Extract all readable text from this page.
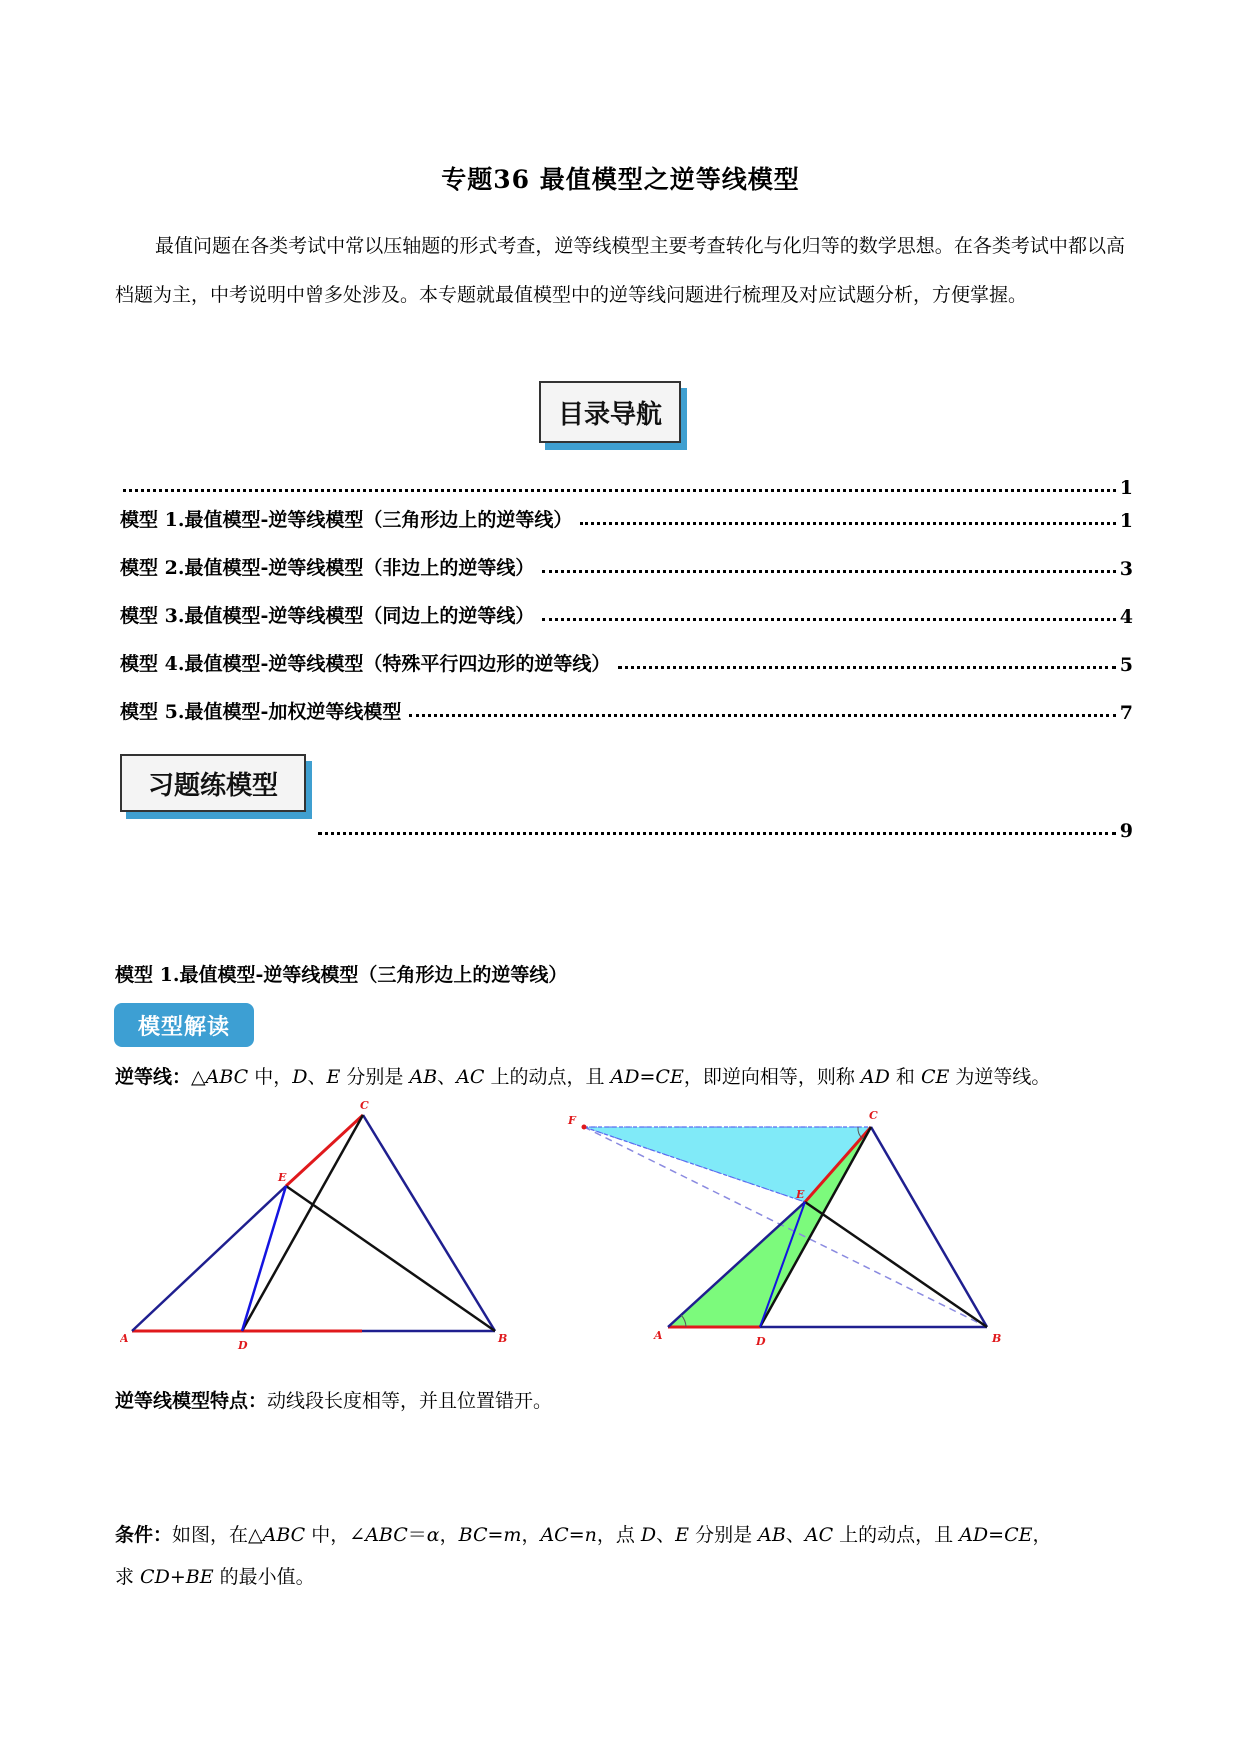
专题36 最值模型之逆等线模型
最值问题在各类考试中常以压轴题的形式考查，逆等线模型主要考查转化与化归等的数学思想。在各类考试中都以高档题为主，中考说明中曾多处涉及。本专题就最值模型中的逆等线问题进行梳理及对应试题分析，方便掌握。
目录导航
1
模型 1.最值模型-逆等线模型（三角形边上的逆等线）	1
模型 2.最值模型-逆等线模型（非边上的逆等线）	3
模型 3.最值模型-逆等线模型（同边上的逆等线）	4
模型 4.最值模型-逆等线模型（特殊平行四边形的逆等线）	5
模型 5.最值模型-加权逆等线模型	7
习题练模型
9
模型 1.最值模型-逆等线模型（三角形边上的逆等线）
模型解读
逆等线：△ABC 中，D、E 分别是 AB、AC 上的动点，且 AD=CE，即逆向相等，则称 AD 和 CE 为逆等线。
A	B
C
D
E
F
A	B
C
D
E
逆等线模型特点：动线段长度相等，并且位置错开。
条件：如图，在△ABC 中，∠ABC＝α，BC=m，AC=n，点 D、E 分别是 AB、AC 上的动点，且 AD=CE，
求 CD+BE 的最小值。
